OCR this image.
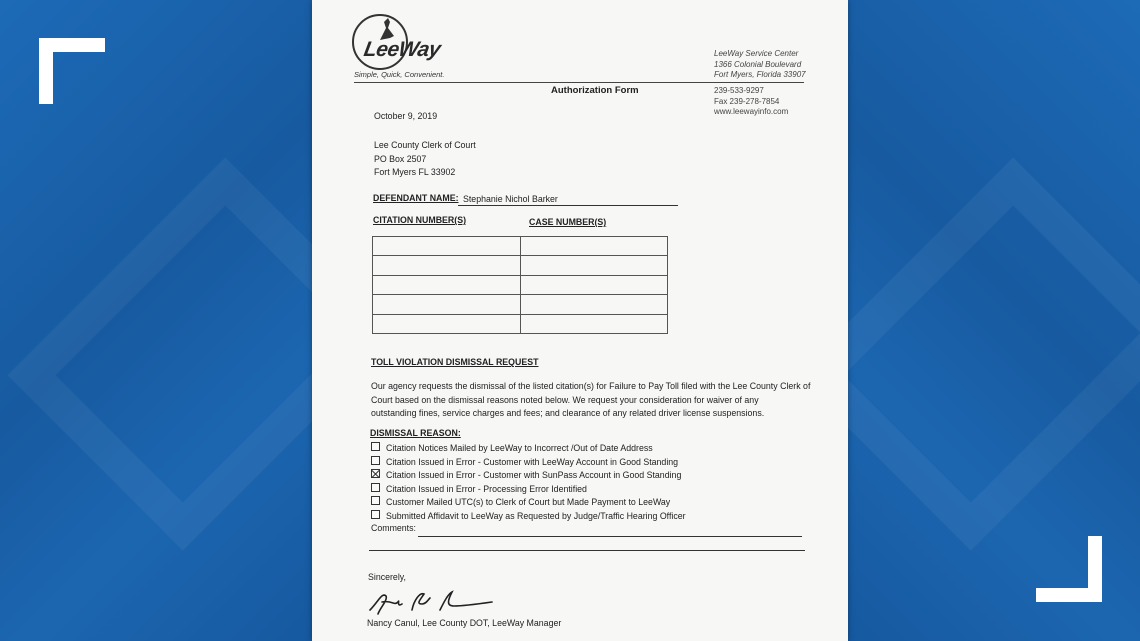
LeeWay
Simple, Quick, Convenient.
LeeWay Service Center
1366 Colonial Boulevard
Fort Myers, Florida 33907
Authorization Form	239-533-9297
Fax 239-278-7854
www.leewayinfo.com
October 9, 2019
Lee County Clerk of Court
PO Box 2507
Fort Myers FL 33902
DEFENDANT NAME: Stephanie Nichol Barker
CITATION NUMBER(S)	CASE NUMBER(S)

TOLL VIOLATION DISMISSAL REQUEST
Our agency requests the dismissal of the listed citation(s) for Failure to Pay Toll filed with the Lee County Clerk of
Court based on the dismissal reasons noted below. We request your consideration for waiver of any
outstanding fines, service charges and fees; and clearance of any related driver license suspensions.
DISMISSAL REASON:
Citation Notices Mailed by LeeWay to Incorrect /Out of Date Address
Citation Issued in Error - Customer with LeeWay Account in Good Standing
Citation Issued in Error - Customer with SunPass Account in Good Standing
Citation Issued in Error - Processing Error Identified
Customer Mailed UTC(s) to Clerk of Court but Made Payment to LeeWay
Submitted Affidavit to LeeWay as Requested by Judge/Traffic Hearing Officer
Comments:
Sincerely,
Nancy Canul, Lee County DOT, LeeWay Manager
